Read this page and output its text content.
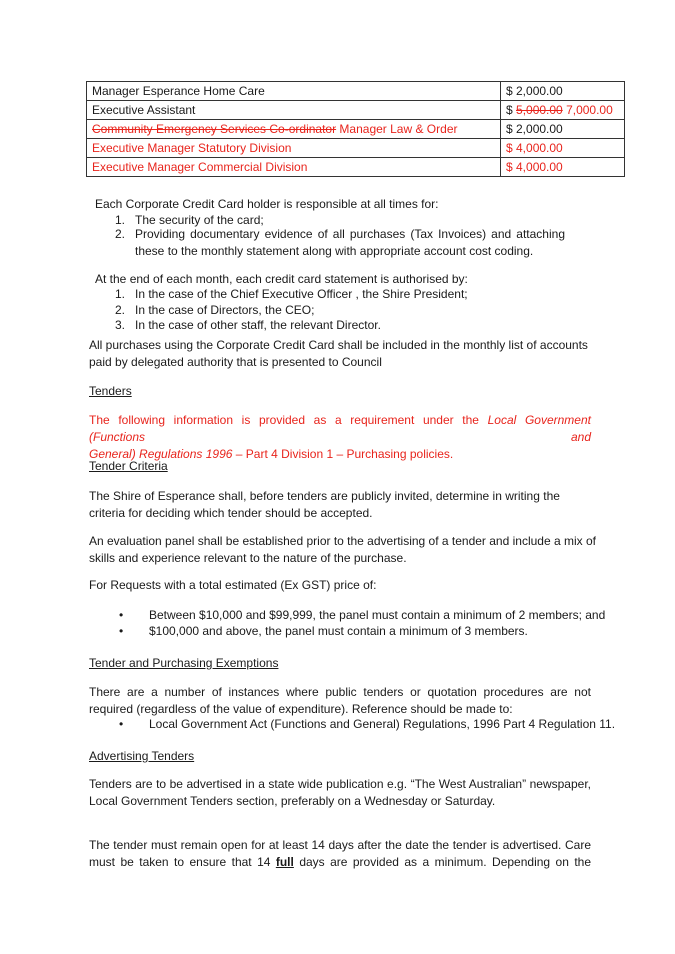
Manager Esperance Home Care	$ 2,000.00
Executive Assistant	$ 5,000.00 7,000.00
Community Emergency Services Co-ordinator Manager Law & Order	$ 2,000.00
Executive Manager Statutory Division	$ 4,000.00
Executive Manager Commercial Division	$ 4,000.00
Each Corporate Credit Card holder is responsible at all times for:
1. The security of the card;
2. Providing documentary evidence of all purchases (Tax Invoices) and attaching
these to the monthly statement along with appropriate account cost coding.
At the end of each month, each credit card statement is authorised by:
1. In the case of the Chief Executive Officer , the Shire President;
2. In the case of Directors, the CEO;
3. In the case of other staff, the relevant Director.
All purchases using the Corporate Credit Card shall be included in the monthly list of accounts
paid by delegated authority that is presented to Council
Tenders
The following information is provided as a requirement under the Local Government (Functions and
General) Regulations 1996 – Part 4 Division 1 – Purchasing policies.
Tender Criteria
The Shire of Esperance shall, before tenders are publicly invited, determine in writing the
criteria for deciding which tender should be accepted.
An evaluation panel shall be established prior to the advertising of a tender and include a mix of
skills and experience relevant to the nature of the purchase.
For Requests with a total estimated (Ex GST) price of:
• Between $10,000 and $99,999, the panel must contain a minimum of 2 members; and
• $100,000 and above, the panel must contain a minimum of 3 members.
Tender and Purchasing Exemptions
There are a number of instances where public tenders or quotation procedures are not
required (regardless of the value of expenditure). Reference should be made to:
• Local Government Act (Functions and General) Regulations, 1996 Part 4 Regulation 11.
Advertising Tenders
Tenders are to be advertised in a state wide publication e.g. “The West Australian” newspaper,
Local Government Tenders section, preferably on a Wednesday or Saturday.
The tender must remain open for at least 14 days after the date the tender is advertised. Care
must be taken to ensure that 14 full days are provided as a minimum. Depending on the
